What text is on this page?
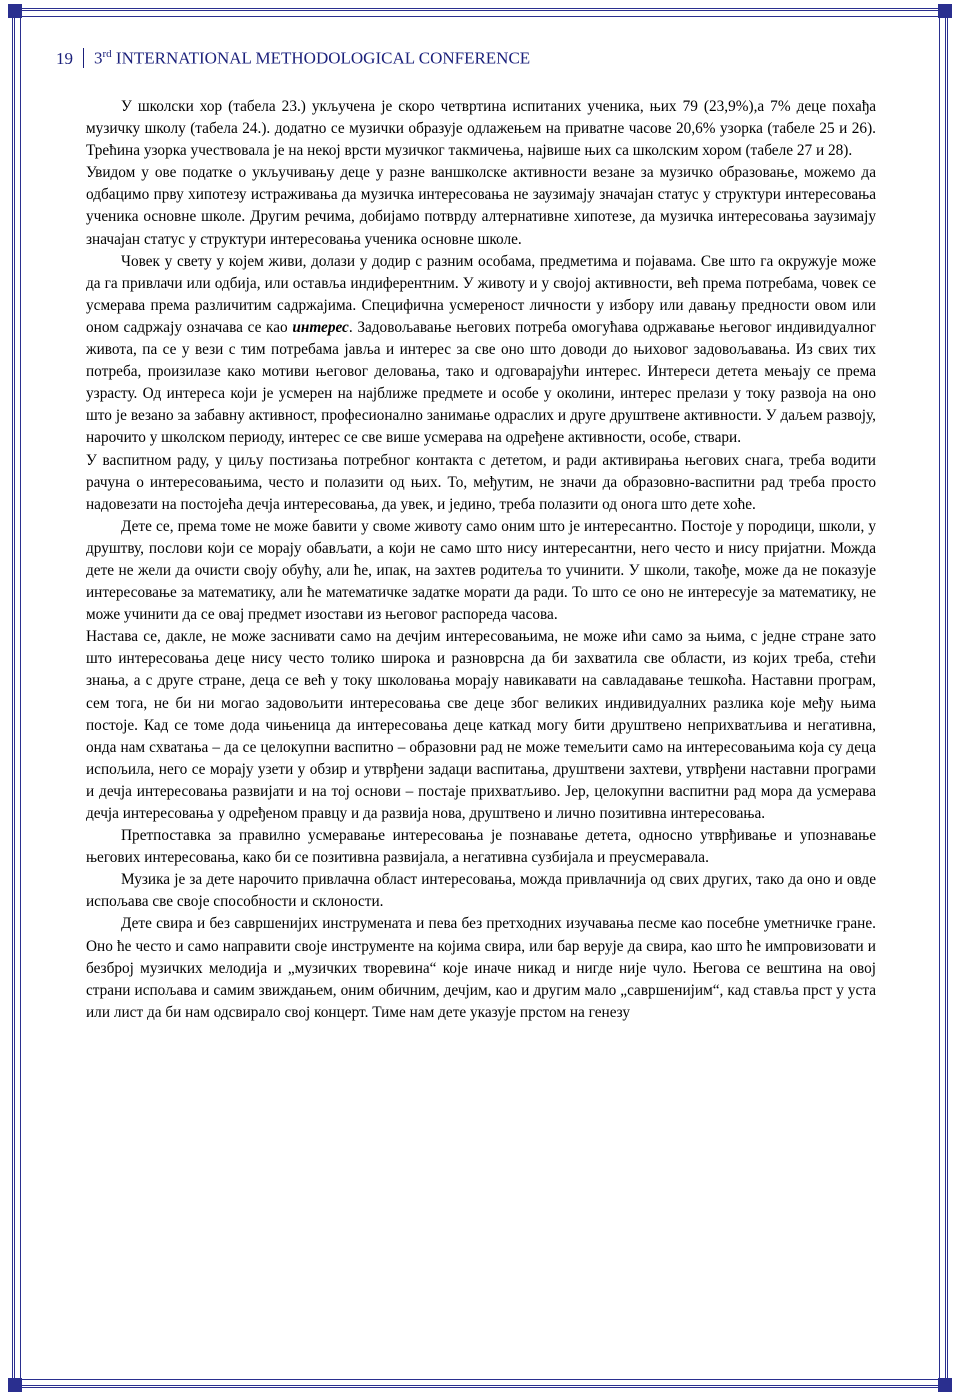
19 3rd INTERNATIONAL METHODOLOGICAL CONFERENCE

У школски хор (табела 23.) укључена је скоро четвртина испитаних ученика, њих 79 (23,9%),а 7% деце похађа музичку школу (табела 24.). додатно се музички образује одлажењем на приватне часове 20,6% узорка (табеле 25 и 26). Трећина узорка учествовала је на некој врсти музичког такмичења, највише њих са школским хором (табеле 27 и 28).

Увидом у ове податке о укључивању деце у разне ваншколске активности везане за музичко образовање, можемо да одбацимо прву хипотезу истраживања да музичка интересовања не заузимају значајан статус у структури интересовања ученика основне школе. Другим речима, добијамо потврду алтернативне хипотезе, да музичка интересовања заузимају значајан статус у структури интересовања ученика основне школе.

Човек у свету у којем живи, долази у додир с разним особама, предметима и појавама. Све што га окружује може да га привлачи или одбија, или оставља индиферентним. У животу и у својој активности, већ према потребама, човек се усмерава према различитим садржајима. Специфична усмереност личности у избору или давању предности овом или оном садржају означава се као интерес. Задовољавање његових потреба омогућава одржавање његовог индивидуалног живота, па се у вези с тим потребама јавља и интерес за све оно што доводи до њиховог задовољавања. Из свих тих потреба, произилазе како мотиви његовог деловања, тако и одговарајући интерес. Интереси детета мењају се према узрасту. Од интереса који је усмерен на најближе предмете и особе у околини, интерес прелази у току развоја на оно што је везано за забавну активност, професионално занимање одраслих и друге друштвене активности. У даљем развоју, нарочито у школском периоду, интерес се све више усмерава на одређене активности, особе, ствари.

У васпитном раду, у циљу постизања потребног контакта с дететом, и ради активирања његових снага, треба водити рачуна о интересовањима, често и полазити од њих. То, међутим, не значи да образовно-васпитни рад треба просто надовезати на постојећа дечја интересовања, да увек, и једино, треба полазити од онога што дете хоће.

Дете се, према томе не може бавити у своме животу само оним што је интересантно. Постоје у породици, школи, у друштву, послови који се морају обављати, а који не само што нису интересантни, него често и нису пријатни. Можда дете не жели да очисти своју обућу, али ће, ипак, на захтев родитеља то учинити. У школи, такође, може да не показује интересовање за математику, али ће математичке задатке морати да ради. То што се оно не интересује за математику, не може учинити да се овај предмет изостави из његовог распореда часова.

Настава се, дакле, не може заснивати само на дечјим интересовањима, не може ићи само за њима, с једне стране зато што интересовања деце нису често толико широка и разноврсна да би захватила све области, из којих треба, стећи знања, а с друге стране, деца се већ у току школовања морају навикавати на савладавање тешкоћа. Наставни програм, сем тога, не би ни могао задовољити интересовања све деце због великих индивидуалних разлика које међу њима постоје. Кад се томе дода чињеница да интересовања деце каткад могу бити друштвено неприхватљива и негативна, онда нам схватања – да се целокупни васпитно – образовни рад не може темељити само на интересовањима која су деца испољила, него се морају узети у обзир и утврђени задаци васпитања, друштвени захтеви, утврђени наставни програми и дечја интересовања развијати и на тој основи – постаје прихватљиво. Јер, целокупни васпитни рад мора да усмерава дечја интересовања у одређеном правцу и да развија нова, друштвено и лично позитивна интересовања.

Претпоставка за правилно усмеравање интересовања је познавање детета, односно утврђивање и упознавање његових интересовања, како би се позитивна развијала, а негативна сузбијала и преусмеравала.

Музика је за дете нарочито привлачна област интересовања, можда привлачнија од свих других, тако да оно и овде испољава све своје способности и склоности.

Дете свира и без савршенијих инструмената и пева без претходних изучавања песме као посебне уметничке гране. Оно ће често и само направити своје инструменте на којима свира, или бар верује да свира, као што ће импровизовати и безброј музичких мелодија и „музичких творевина“ које иначе никад и нигде није чуло. Његова се вештина на овој страни испољава и самим звиждањем, оним обичним, дечјим, као и другим мало „савршенијим“, кад ставља прст у уста или лист да би нам одсвирало свој концерт. Тиме нам дете указује прстом на генезу
